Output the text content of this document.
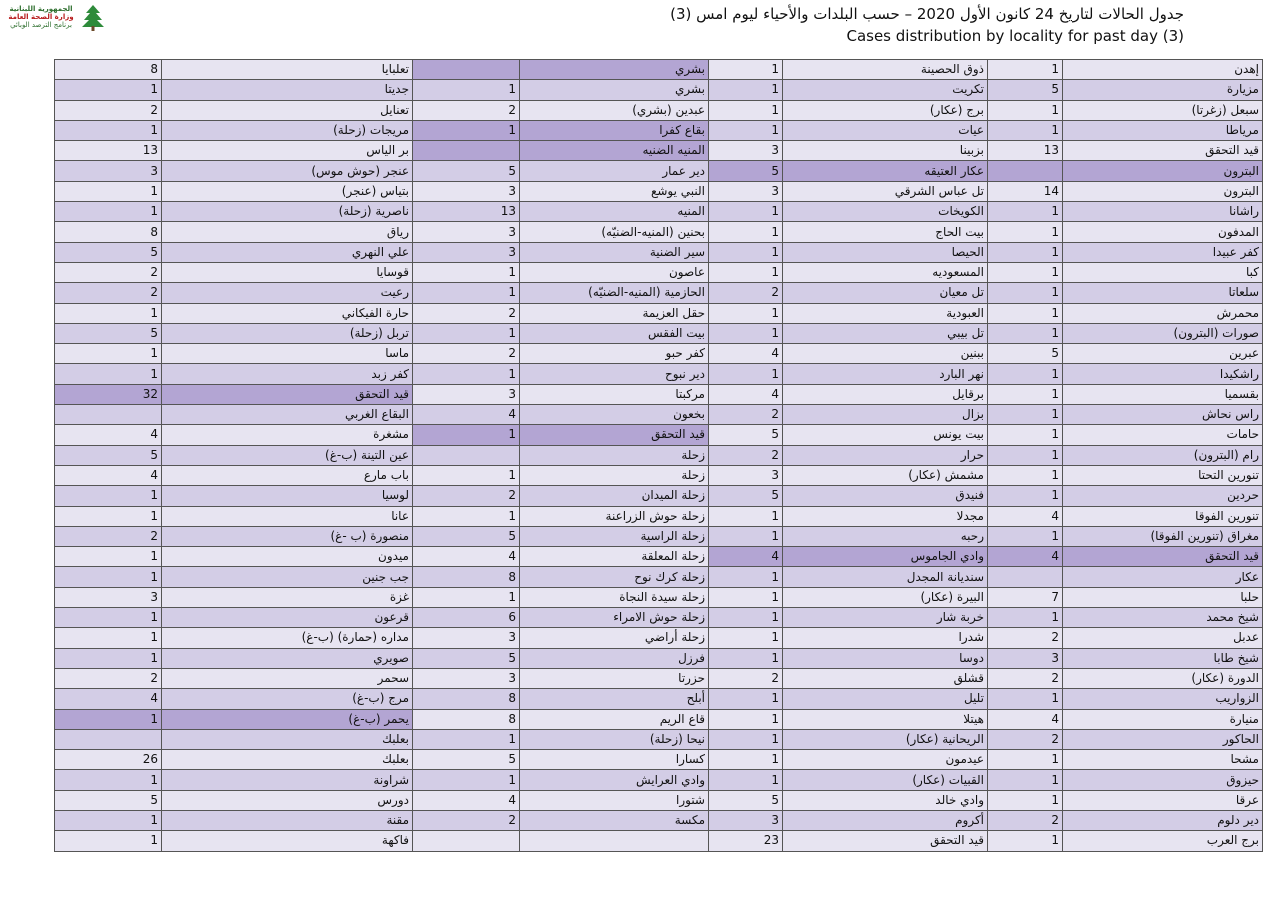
الجمهورية اللبنانية
وزارة الصحة العامة
برنامج الترصد الوبائي
جدول الحالات لتاريخ 24 كانون الأول 2020 – حسب البلدات والأحياء ليوم امس (3)
Cases distribution by locality for past day (3)
8	تعلبايا		بشري	1	ذوق الحصينة	1	إهدن
1	جديتا	1	بشري	1	تكريت	5	مزيارة
2	تعنايل	2	عبدين (بشري)	1	برج (عكار)	1	سبعل (زغرتا)
1	مريجات (زحلة)	1	بقاع كفرا	1	عيات	1	مرياطا
13	بر الياس		المنيه الضنيه	3	بزبينا	13	قيد التحقق
3	عنجر (حوش موس)	5	دير عمار	5	عكار العتيقه		البترون
1	بتياس (عنجر)	3	النبي يوشع	3	تل عباس الشرقي	14	البترون
1	ناصرية (زحلة)	13	المنيه	1	الكويخات	1	راشانا
8	رياق	3	بحنين (المنيه-الضنيّه)	1	بيت الحاج	1	المدفون
5	علي النهري	3	سير الضنية	1	الحيصا	1	كفر عبيدا
2	قوسايا	1	عاصون	1	المسعوديه	1	كبا
2	رعيت	1	الحازمية (المنيه-الضنيّه)	2	تل معيان	1	سلعاتا
1	حارة الفيكاني	2	حقل العزيمة	1	العبودية	1	محمرش
5	تربل (زحلة)	1	بيت الفقس	1	تل بيبي	1	صورات (البترون)
1	ماسا	2	كفر حبو	4	ببنين	5	عبرين
1	كفر زبد	1	دير نبوح	1	نهر البارد	1	راشكيدا
32	قيد التحقق	3	مركبتا	4	برقايل	1	بقسميا
	البقاع الغربي	4	بخعون	2	بزال	1	راس نحاش
4	مشغرة	1	قيد التحقق	5	بيت يونس	1	حامات
5	عين التينة (ب-غ)		زحلة	2	حرار	1	رام (البترون)
4	باب مارع	1	زحلة	3	مشمش (عكار)	1	تنورين التحتا
1	لوسيا	2	زحلة الميدان	5	فنيدق	1	حردين
1	عانا	1	زحلة حوش الزراعنة	1	مجدلا	4	تنورين الفوقا
2	منصورة (ب -غ)	5	زحلة الراسية	1	رحبه	1	مغراق (تنورين الفوقا)
1	ميدون	4	زحلة المعلقة	4	وادي الجاموس	4	قيد التحقق
1	جب جنين	8	زحلة كرك نوح	1	سنديانة المجدل		عكار
3	غزة	1	زحلة سيدة النجاة	1	البيرة (عكار)	7	حلبا
1	قرعون	6	زحلة حوش الامراء	1	خربة شار	1	شيخ محمد
1	مداره (حمارة) (ب-غ)	3	زحلة أراضي	1	شدرا	2	عدبل
1	صويري	5	فرزل	1	دوسا	3	شيخ طابا
2	سحمر	3	حزرتا	2	قشلق	2	الدورة (عكار)
4	مرج (ب-غ)	8	أبلح	1	تليل	1	الزواريب
1	يحمر (ب-غ)	8	قاع الريم	1	هيتلا	4	منيارة
	بعلبك	1	نيحا (زحلة)	1	الريحانية (عكار)	2	الحاكور
26	بعلبك	5	كسارا	1	عيدمون	1	مشحا
1	شراونة	1	وادي العرايش	1	القبيات (عكار)	1	حيزوق
5	دورس	4	شتورا	5	وادي خالد	1	عرقا
1	مقنة	2	مكسة	3	أكروم	2	دير دلوم
1	فاكهة			23	قيد التحقق	1	برج العرب
